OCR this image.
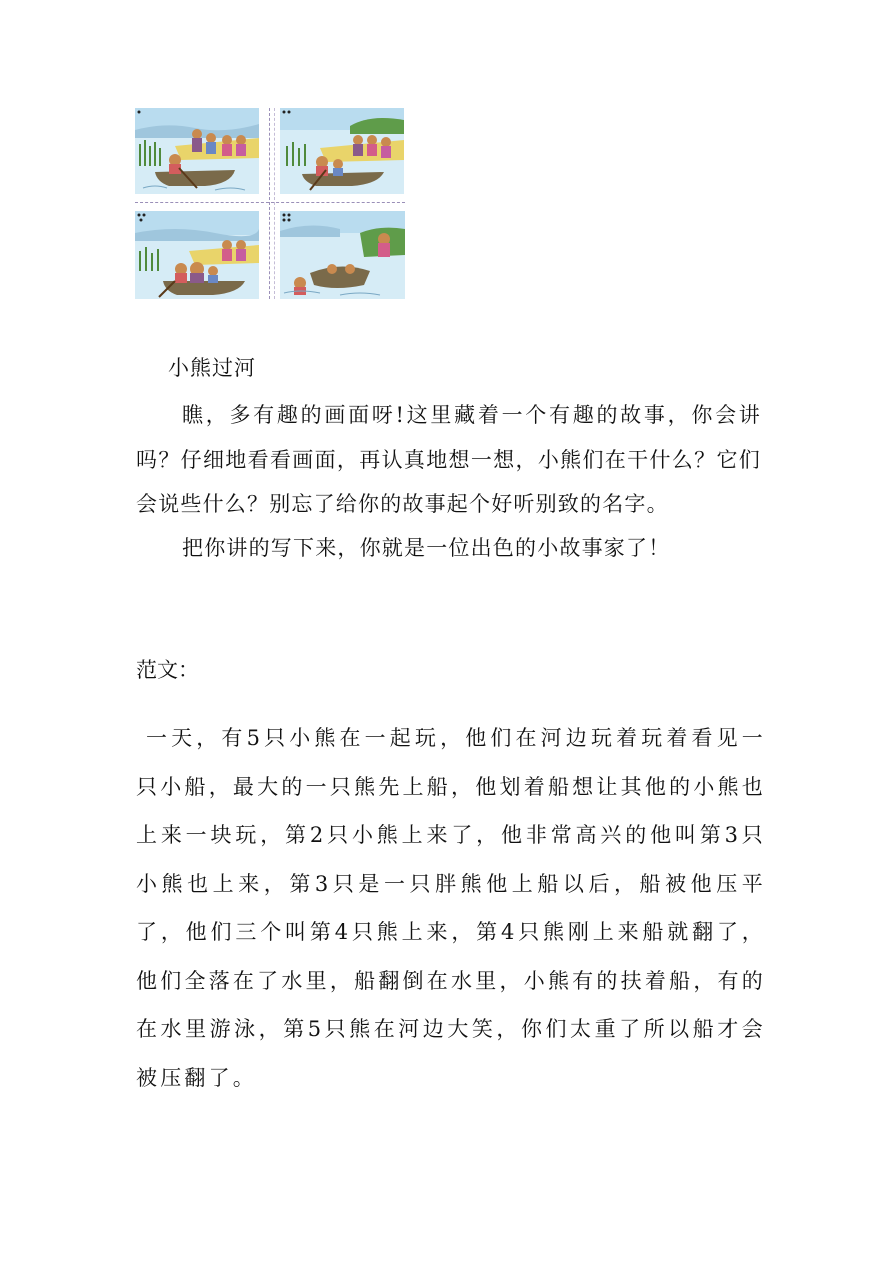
小熊过河

瞧，多有趣的画面呀!这里藏着一个有趣的故事，你会讲吗？仔细地看看画面，再认真地想一想，小熊们在干什么？它们会说些什么？别忘了给你的故事起个好听别致的名字。

把你讲的写下来，你就是一位出色的小故事家了！

范文：

一天，有5只小熊在一起玩，他们在河边玩着玩着看见一只小船，最大的一只熊先上船，他划着船想让其他的小熊也上来一块玩，第2只小熊上来了，他非常高兴的他叫第3只小熊也上来，第3只是一只胖熊他上船以后，船被他压平了，他们三个叫第4只熊上来，第4只熊刚上来船就翻了，他们全落在了水里，船翻倒在水里，小熊有的扶着船，有的在水里游泳，第5只熊在河边大笑，你们太重了所以船才会被压翻了。
